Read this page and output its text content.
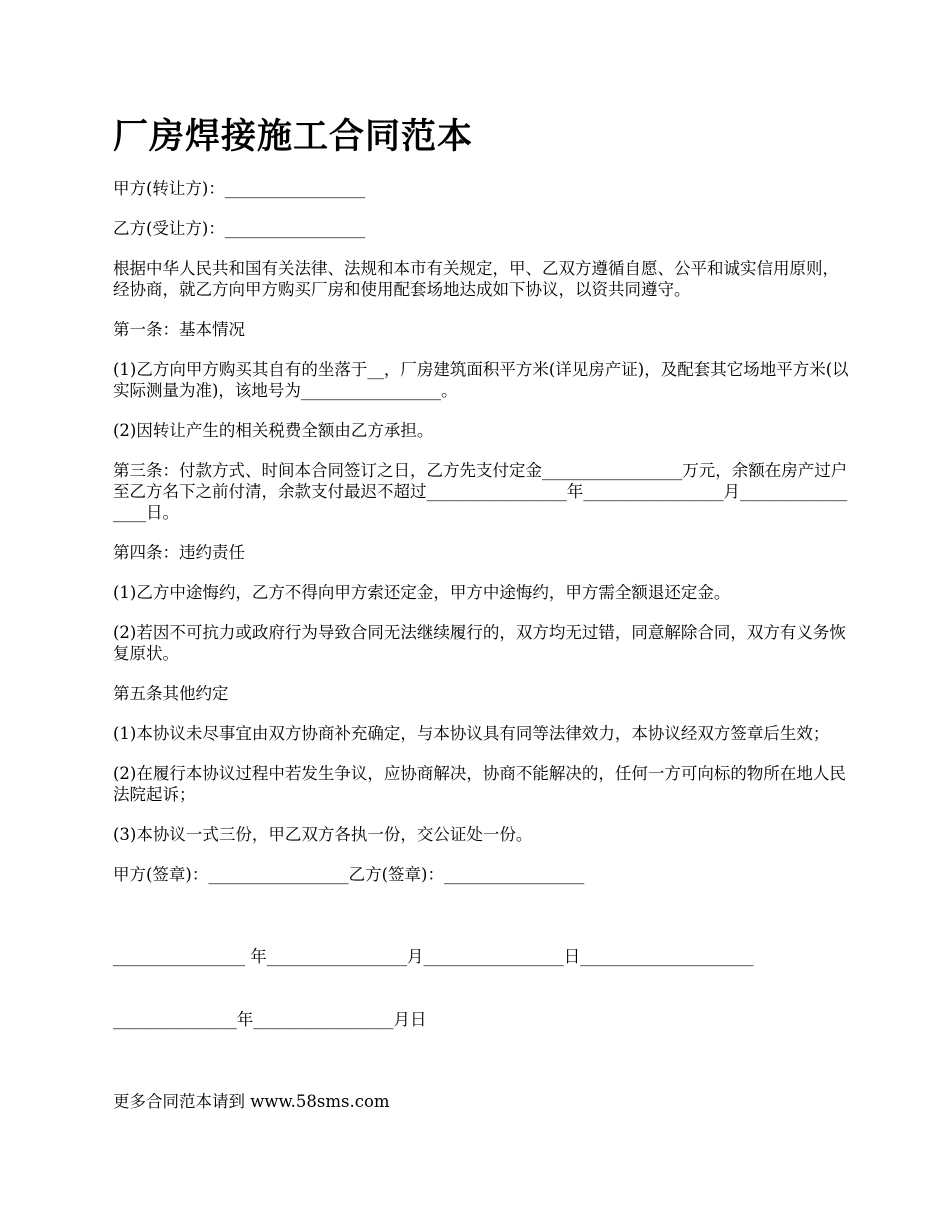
厂房焊接施工合同范本

甲方(转让方)：_________________

乙方(受让方)：_________________

根据中华人民共和国有关法律、法规和本市有关规定，甲、乙双方遵循自愿、公平和诚实信用原则，经协商，就乙方向甲方购买厂房和使用配套场地达成如下协议，以资共同遵守。

第一条：基本情况

(1)乙方向甲方购买其自有的坐落于__，厂房建筑面积平方米(详见房产证)，及配套其它场地平方米(以实际测量为准)，该地号为_________________。

(2)因转让产生的相关税费全额由乙方承担。

第三条：付款方式、时间本合同签订之日，乙方先支付定金_________________万元，余额在房产过户至乙方名下之前付清，余款支付最迟不超过_________________年_________________月_________________日。

第四条：违约责任

(1)乙方中途悔约，乙方不得向甲方索还定金，甲方中途悔约，甲方需全额退还定金。

(2)若因不可抗力或政府行为导致合同无法继续履行的，双方均无过错，同意解除合同，双方有义务恢复原状。

第五条其他约定

(1)本协议未尽事宜由双方协商补充确定，与本协议具有同等法律效力，本协议经双方签章后生效；

(2)在履行本协议过程中若发生争议，应协商解决，协商不能解决的，任何一方可向标的物所在地人民法院起诉；

(3)本协议一式三份，甲乙双方各执一份，交公证处一份。

甲方(签章)：_________________乙方(签章)：_________________

________________ 年_________________月_________________日_____________________

_______________年_________________月日

更多合同范本请到 www.58sms.com
